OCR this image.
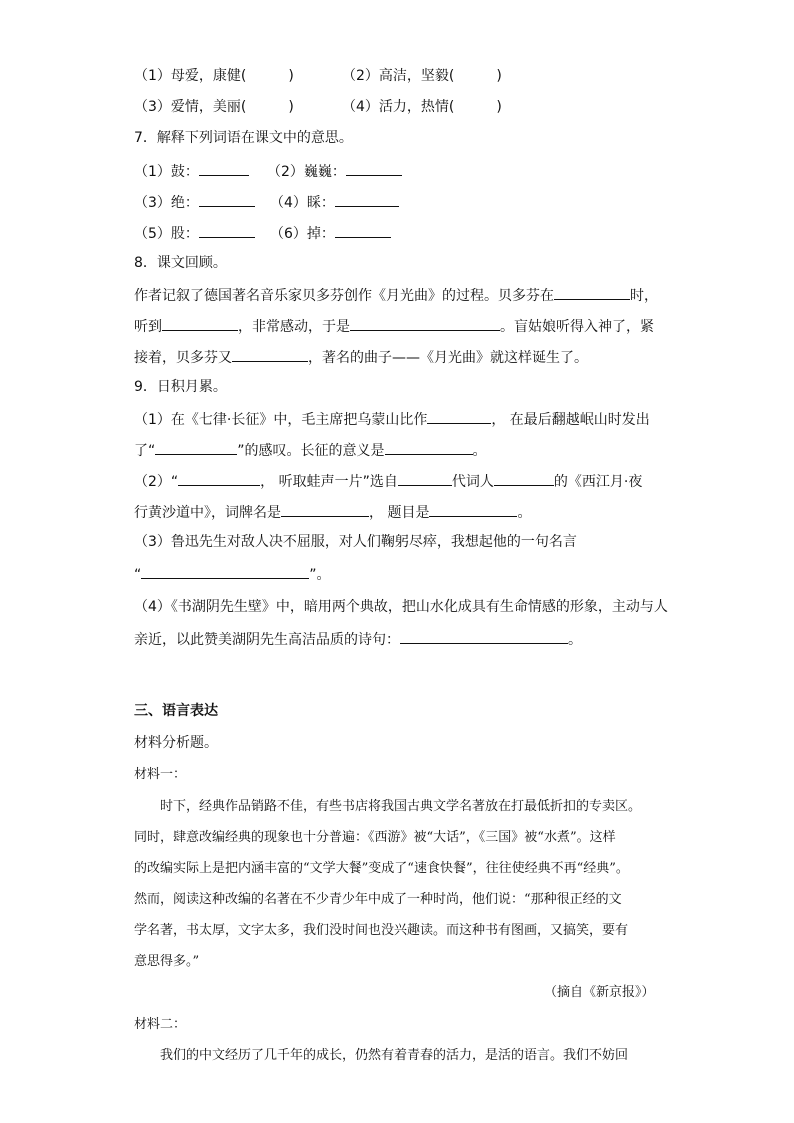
（1）母爱，康健(	)	（2）高洁，坚毅(	)
（3）爱情，美丽(	)	（4）活力，热情(	)
7．解释下列词语在课文中的意思。
（1）鼓：	（2）巍巍：
（3）绝：	（4）睬：
（5）股：	（6）掉：
8．课文回顾。
作者记叙了德国著名音乐家贝多芬创作《月光曲》的过程。贝多芬在	时，
听到	，非常感动，于是	。盲姑娘听得入神了，紧
接着，贝多芬又	，著名的曲子——《月光曲》就这样诞生了。
9．日积月累。
（1）在《七律·长征》中，毛主席把乌蒙山比作	， 在最后翻越岷山时发出
了“	”的感叹。长征的意义是	。
（2）“	， 听取蛙声一片”选自	代词人	的《西江月·夜
行黄沙道中》，词牌名是	， 题目是	。
（3）鲁迅先生对敌人决不屈服，对人们鞠躬尽瘁，我想起他的一句名言
“	”。
（4）《书湖阴先生壁》中，暗用两个典故，把山水化成具有生命情感的形象，主动与人
亲近，以此赞美湖阴先生高洁品质的诗句：	。
三、语言表达
材料分析题。
材料一：
时下，经典作品销路不佳，有些书店将我国古典文学名著放在打最低折扣的专卖区。
同时，肆意改编经典的现象也十分普遍：《西游》被“大话”，《三国》被“水煮”。这样
的改编实际上是把内涵丰富的“文学大餐”变成了“速食快餐”，往往使经典不再“经典”。
然而，阅读这种改编的名著在不少青少年中成了一种时尚，他们说：“那种很正经的文
学名著，书太厚，文字太多，我们没时间也没兴趣读。而这种书有图画，又搞笑，要有
意思得多。”
（摘自《新京报》）
材料二：
我们的中文经历了几千年的成长，仍然有着青春的活力，是活的语言。我们不妨回
